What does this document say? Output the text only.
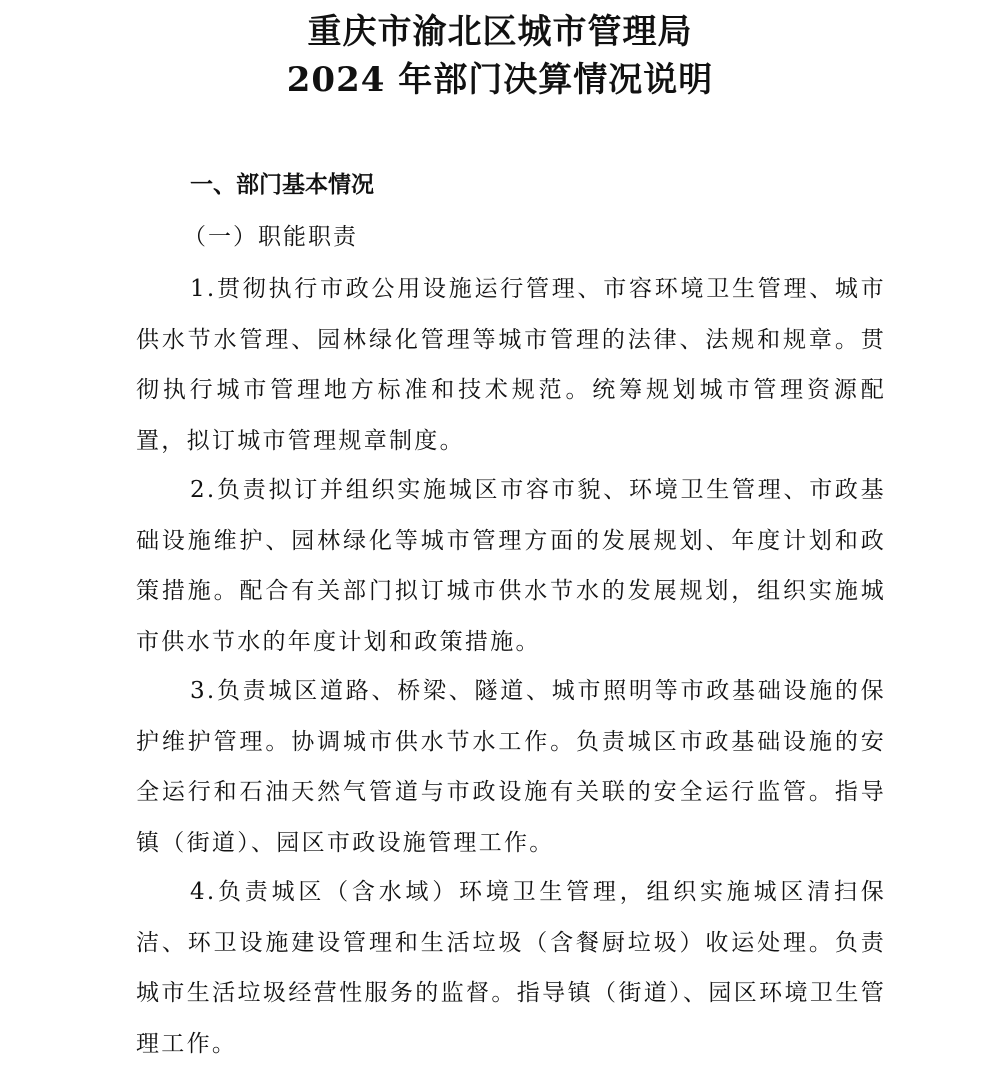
重庆市渝北区城市管理局
2024 年部门决算情况说明
一、部门基本情况
（一）职能职责

1.贯彻执行市政公用设施运行管理、市容环境卫生管理、城市供水节水管理、园林绿化管理等城市管理的法律、法规和规章。贯彻执行城市管理地方标准和技术规范。统筹规划城市管理资源配置，拟订城市管理规章制度。

2.负责拟订并组织实施城区市容市貌、环境卫生管理、市政基础设施维护、园林绿化等城市管理方面的发展规划、年度计划和政策措施。配合有关部门拟订城市供水节水的发展规划，组织实施城市供水节水的年度计划和政策措施。

3.负责城区道路、桥梁、隧道、城市照明等市政基础设施的保护维护管理。协调城市供水节水工作。负责城区市政基础设施的安全运行和石油天然气管道与市政设施有关联的安全运行监管。指导镇（街道）、园区市政设施管理工作。

4.负责城区（含水域）环境卫生管理，组织实施城区清扫保洁、环卫设施建设管理和生活垃圾（含餐厨垃圾）收运处理。负责城市生活垃圾经营性服务的监督。指导镇（街道）、园区环境卫生管理工作。
